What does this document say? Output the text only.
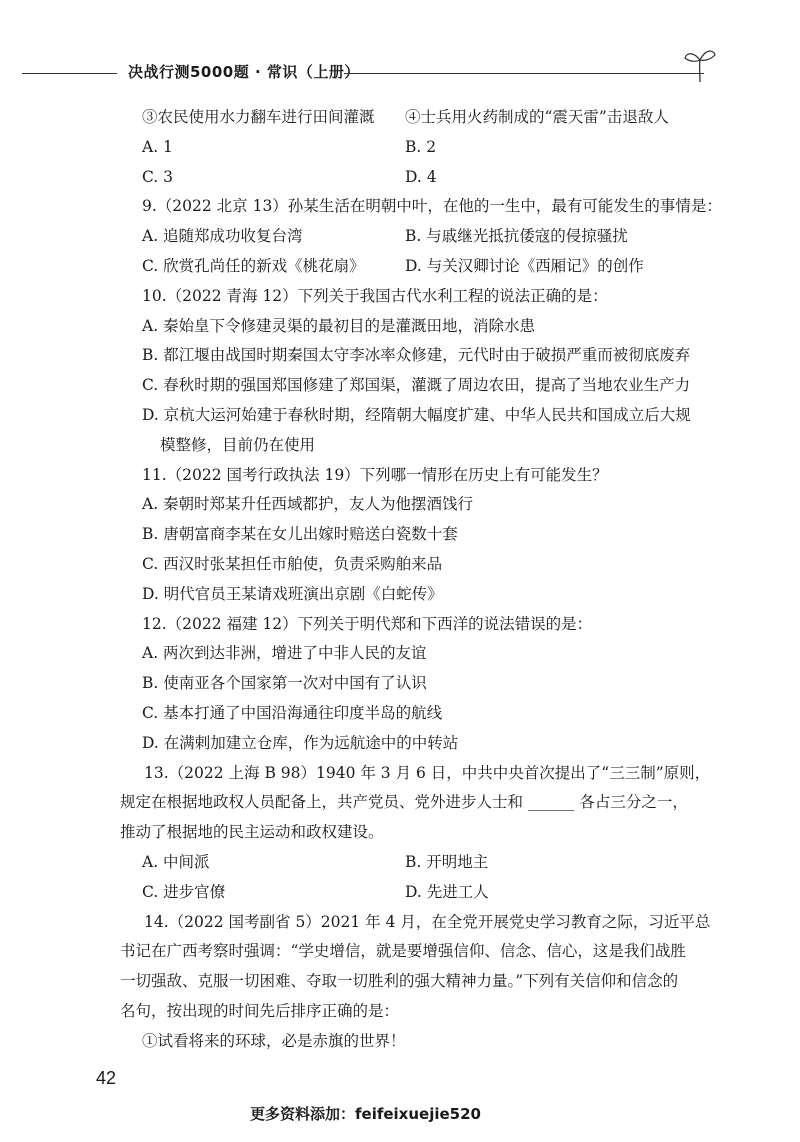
决战行测5000题 · 常识（上册）
③农民使用水力翻车进行田间灌溉 ④士兵用火药制成的“震天雷”击退敌人
A. 1	B. 2
C. 3	D. 4
9.（2022 北京 13）孙某生活在明朝中叶，在他的一生中，最有可能发生的事情是：
A. 追随郑成功收复台湾	B. 与戚继光抵抗倭寇的侵掠骚扰
C. 欣赏孔尚任的新戏《桃花扇》	D. 与关汉卿讨论《西厢记》的创作
10.（2022 青海 12）下列关于我国古代水利工程的说法正确的是：
A. 秦始皇下令修建灵渠的最初目的是灌溉田地，消除水患
B. 都江堰由战国时期秦国太守李冰率众修建，元代时由于破损严重而被彻底废弃
C. 春秋时期的强国郑国修建了郑国渠，灌溉了周边农田，提高了当地农业生产力
D. 京杭大运河始建于春秋时期，经隋朝大幅度扩建、中华人民共和国成立后大规
模整修，目前仍在使用
11.（2022 国考行政执法 19）下列哪一情形在历史上有可能发生？
A. 秦朝时郑某升任西域都护，友人为他摆酒饯行
B. 唐朝富商李某在女儿出嫁时赔送白瓷数十套
C. 西汉时张某担任市舶使，负责采购舶来品
D. 明代官员王某请戏班演出京剧《白蛇传》
12.（2022 福建 12）下列关于明代郑和下西洋的说法错误的是：
A. 两次到达非洲，增进了中非人民的友谊
B. 使南亚各个国家第一次对中国有了认识
C. 基本打通了中国沿海通往印度半岛的航线
D. 在满剌加建立仓库，作为远航途中的中转站
13.（2022 上海 B 98）1940 年 3 月 6 日，中共中央首次提出了“三三制”原则，
规定在根据地政权人员配备上，共产党员、党外进步人士和 ______ 各占三分之一，
推动了根据地的民主运动和政权建设。
A. 中间派	B. 开明地主
C. 进步官僚	D. 先进工人
14.（2022 国考副省 5）2021 年 4 月，在全党开展党史学习教育之际，习近平总
书记在广西考察时强调：“学史增信，就是要增强信仰、信念、信心，这是我们战胜
一切强敌、克服一切困难、夺取一切胜利的强大精神力量。”下列有关信仰和信念的
名句，按出现的时间先后排序正确的是：
①试看将来的环球，必是赤旗的世界！
42
更多资料添加：feifeixuejie520
